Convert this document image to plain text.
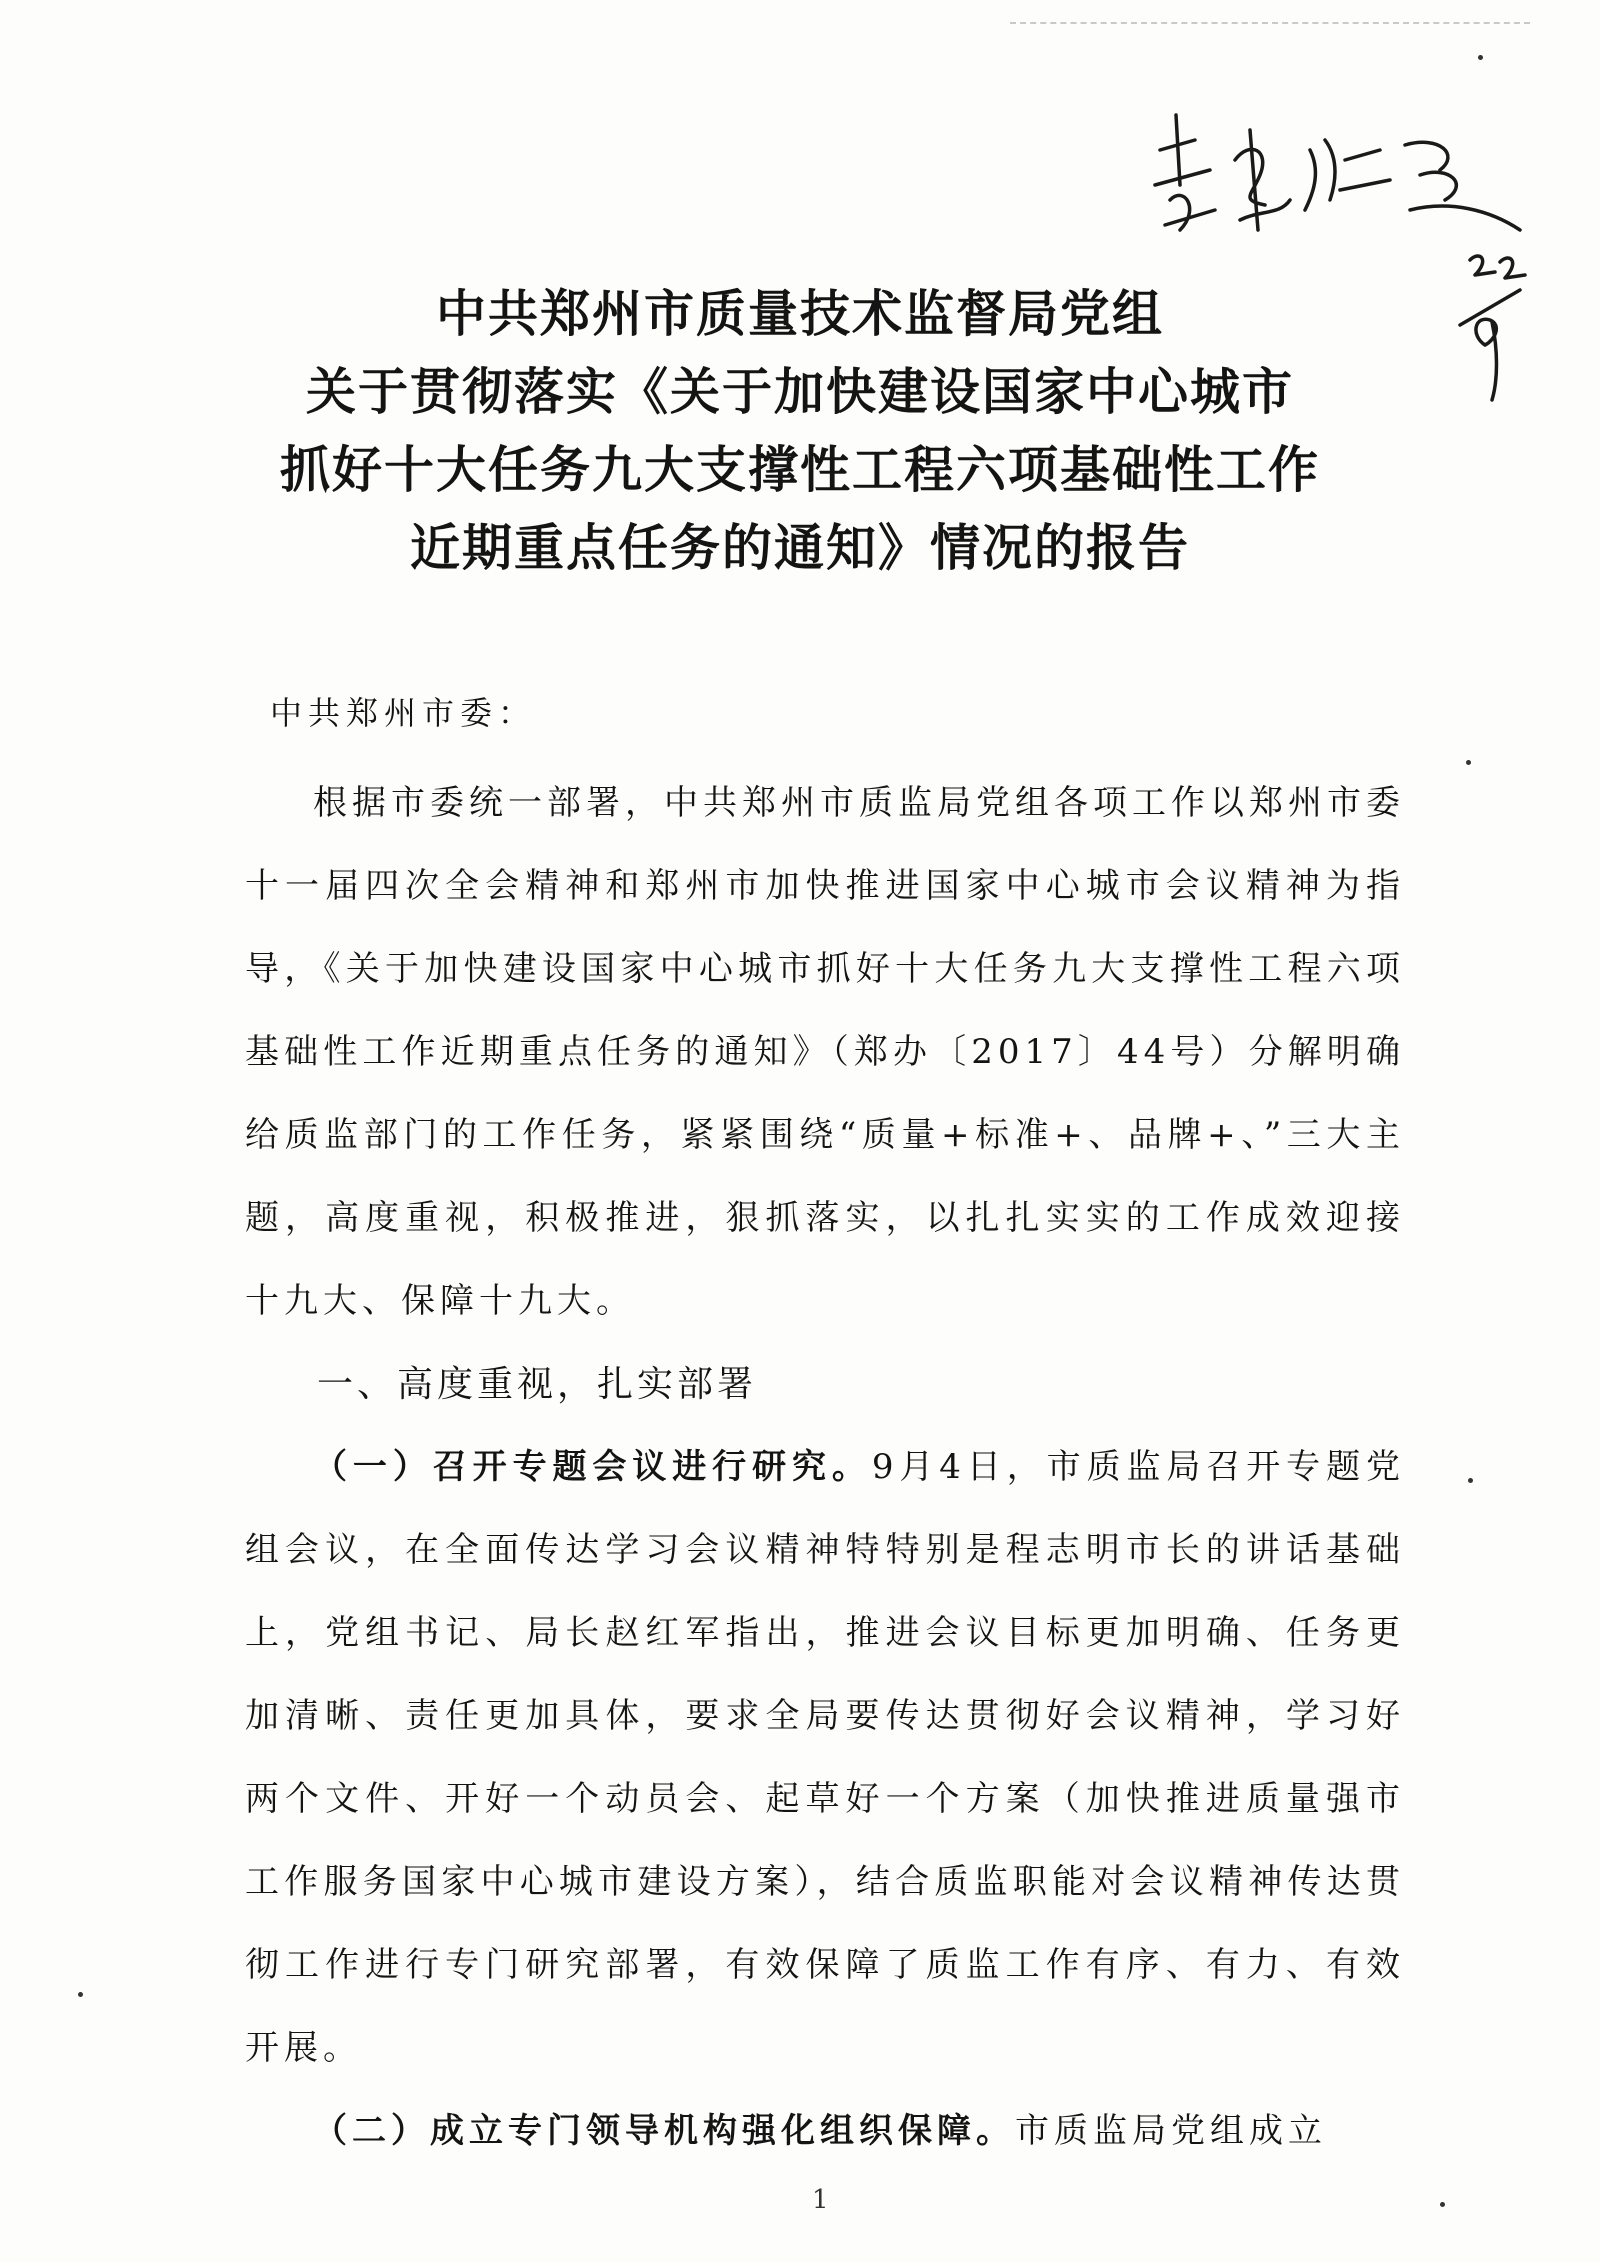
中共郑州市质量技术监督局党组
关于贯彻落实《关于加快建设国家中心城市
抓好十大任务九大支撑性工程六项基础性工作
近期重点任务的通知》情况的报告

中共郑州市委：

根据市委统一部署，中共郑州市质监局党组各项工作以郑州市委十一届四次全会精神和郑州市加快推进国家中心城市会议精神为指导，《关于加快建设国家中心城市抓好十大任务九大支撑性工程六项基础性工作近期重点任务的通知》（郑办〔2017〕44号）分解明确给质监部门的工作任务，紧紧围绕“质量+标准+、品牌+、”三大主题，高度重视，积极推进，狠抓落实，以扎扎实实的工作成效迎接十九大、保障十九大。

一、高度重视，扎实部署

（一）召开专题会议进行研究。9月4日，市质监局召开专题党组会议，在全面传达学习会议精神特特别是程志明市长的讲话基础上，党组书记、局长赵红军指出，推进会议目标更加明确、任务更加清晰、责任更加具体，要求全局要传达贯彻好会议精神，学习好两个文件、开好一个动员会、起草好一个方案（加快推进质量强市工作服务国家中心城市建设方案），结合质监职能对会议精神传达贯彻工作进行专门研究部署，有效保障了质监工作有序、有力、有效开展。

（二）成立专门领导机构强化组织保障。市质监局党组成立

1
